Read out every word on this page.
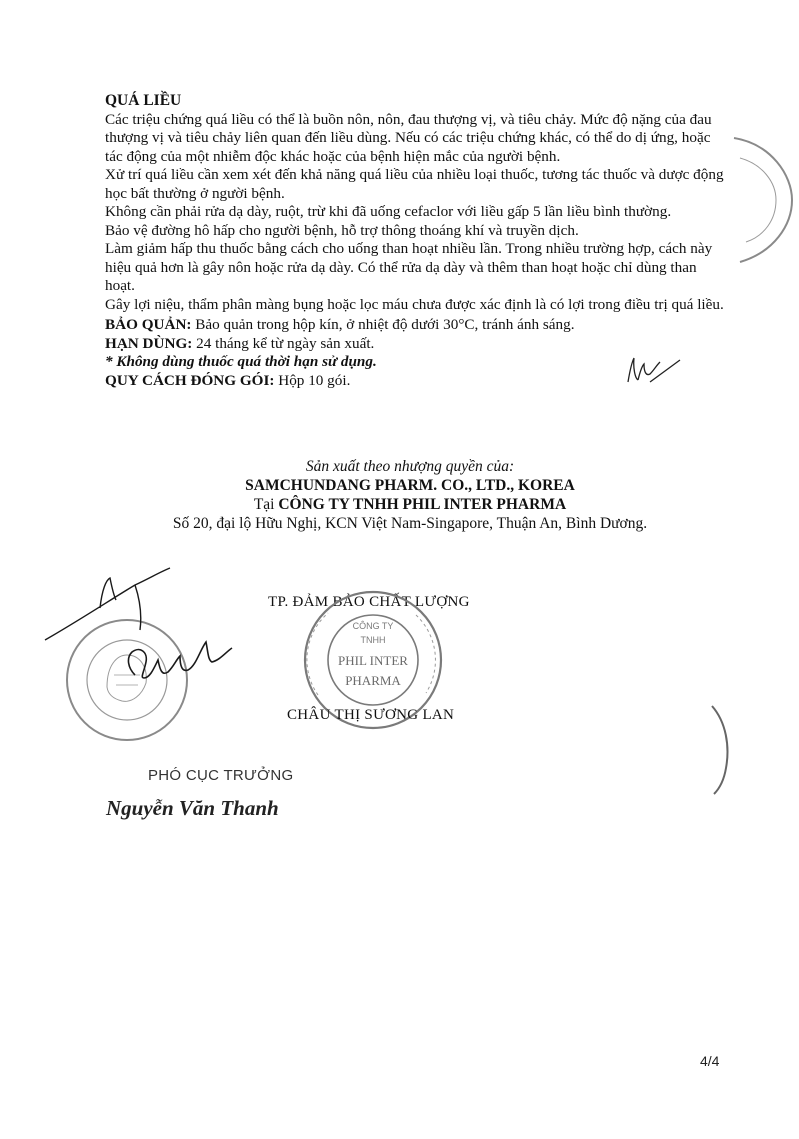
QUÁ LIỀU

Các triệu chứng quá liều có thể là buồn nôn, nôn, đau thượng vị, và tiêu chảy. Mức độ nặng của đau thượng vị và tiêu chảy liên quan đến liều dùng. Nếu có các triệu chứng khác, có thể do dị ứng, hoặc tác động của một nhiễm độc khác hoặc của bệnh hiện mắc của người bệnh.

Xử trí quá liều cần xem xét đến khả năng quá liều của nhiều loại thuốc, tương tác thuốc và dược động học bất thường ở người bệnh.

Không cần phải rửa dạ dày, ruột, trừ khi đã uống cefaclor với liều gấp 5 lần liều bình thường.

Bảo vệ đường hô hấp cho người bệnh, hỗ trợ thông thoáng khí và truyền dịch.

Làm giảm hấp thu thuốc bằng cách cho uống than hoạt nhiều lần. Trong nhiều trường hợp, cách này hiệu quả hơn là gây nôn hoặc rửa dạ dày. Có thể rửa dạ dày và thêm than hoạt hoặc chỉ dùng than hoạt.

Gây lợi niệu, thẩm phân màng bụng hoặc lọc máu chưa được xác định là có lợi trong điều trị quá liều.

BẢO QUẢN: Bảo quản trong hộp kín, ở nhiệt độ dưới 30°C, tránh ánh sáng.
HẠN DÙNG: 24 tháng kể từ ngày sản xuất.
* Không dùng thuốc quá thời hạn sử dụng.
QUY CÁCH ĐÓNG GÓI: Hộp 10 gói.
Sản xuất theo nhượng quyền của:
SAMCHUNDANG PHARM. CO., LTD., KOREA
Tại CÔNG TY TNHH PHIL INTER PHARMA
Số 20, đại lộ Hữu Nghị, KCN Việt Nam-Singapore, Thuận An, Bình Dương.
TP. ĐẢM BẢO CHẤT LƯỢNG
CÔNG TY
TNHH
PHIL INTER
PHARMA
CHÂU THỊ SƯƠNG LAN
PHÓ CỤC TRƯỞNG
Nguyễn Văn Thanh
4/4
